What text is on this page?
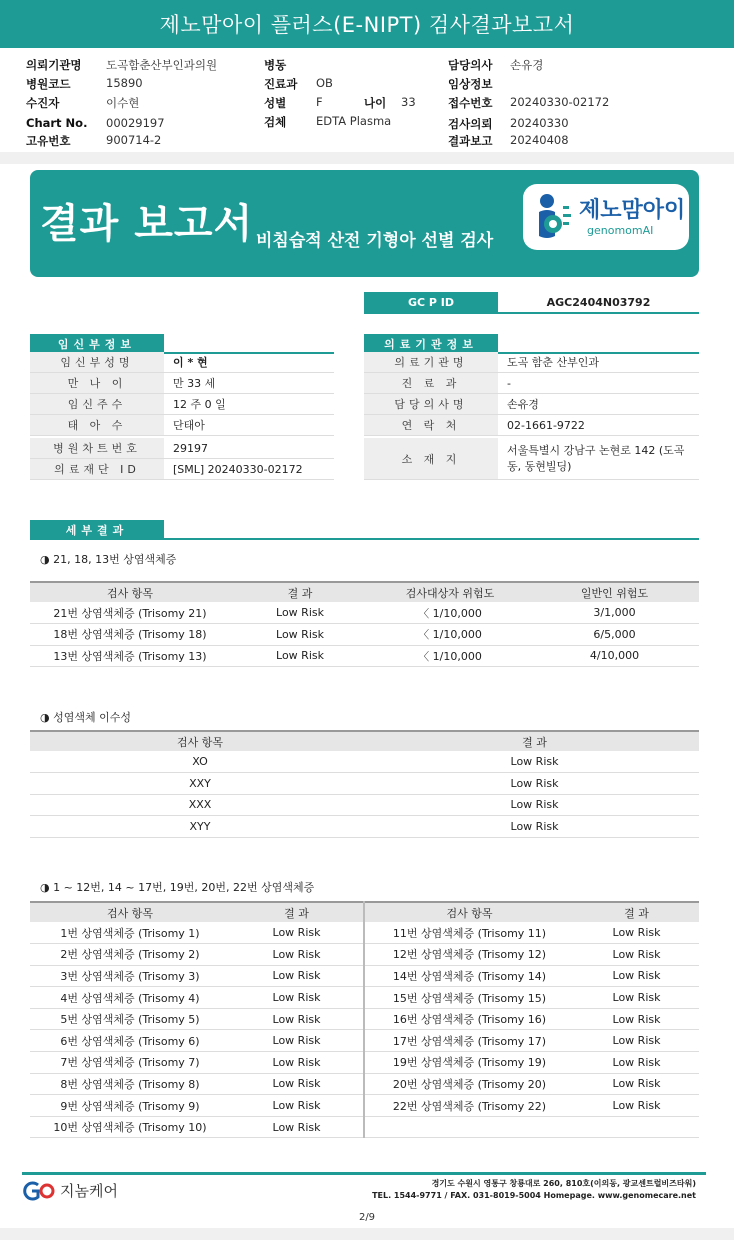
제노맘아이 플러스(E-NIPT) 검사결과보고서
의뢰기관명 도곡함춘산부인과의원
병원코드	15890
수진자	이수현
Chart No. 00029197
고유번호	900714-2
병동
진료과 OB
성별	F	나이 33
검체	EDTA Plasma
담당의사 손유경
임상정보
접수번호 20240330-02172
검사의뢰 20240330
결과보고 20240408
결과 보고서 비침습적 산전 기형아 선별 검사
제노맘아이
genomomAI
GC P ID	AGC2404N03792
임신부정보
임신부성명	이 * 현
만 나 이	만 33 세
임신주수	12 주 0 일
태 아 수	단태아
병원차트번호	29197
의료재단 ID	[SML] 20240330-02172
의료기관정보
의료기관명	도곡 함춘 산부인과
진 료 과	-
담당의사명	손유경
연 락 처	02-1661-9722
소 재 지
서울특별시 강남구 논현로 142 (도곡동, 동현빌딩)
세부결과
◑ 21, 18, 13번 상염색체증
검사 항목	결 과	검사대상자 위험도	일반인 위험도
21번 상염색체증 (Trisomy 21)	Low Risk	〈 1/10,000	3/1,000
18번 상염색체증 (Trisomy 18)	Low Risk	〈 1/10,000	6/5,000
13번 상염색체증 (Trisomy 13)	Low Risk	〈 1/10,000	4/10,000
◑ 성염색체 이수성
검사 항목	결 과
XO	Low Risk
XXY	Low Risk
XXX	Low Risk
XYY	Low Risk
◑ 1 ~ 12번, 14 ~ 17번, 19번, 20번, 22번 상염색체증
검사 항목	결 과	검사 항목	결 과
1번 상염색체증 (Trisomy 1)	Low Risk	11번 상염색체증 (Trisomy 11)	Low Risk
2번 상염색체증 (Trisomy 2)	Low Risk	12번 상염색체증 (Trisomy 12)	Low Risk
3번 상염색체증 (Trisomy 3)	Low Risk	14번 상염색체증 (Trisomy 14)	Low Risk
4번 상염색체증 (Trisomy 4)	Low Risk	15번 상염색체증 (Trisomy 15)	Low Risk
5번 상염색체증 (Trisomy 5)	Low Risk	16번 상염색체증 (Trisomy 16)	Low Risk
6번 상염색체증 (Trisomy 6)	Low Risk	17번 상염색체증 (Trisomy 17)	Low Risk
7번 상염색체증 (Trisomy 7)	Low Risk	19번 상염색체증 (Trisomy 19)	Low Risk
8번 상염색체증 (Trisomy 8)	Low Risk	20번 상염색체증 (Trisomy 20)	Low Risk
9번 상염색체증 (Trisomy 9)	Low Risk	22번 상염색체증 (Trisomy 22)	Low Risk
10번 상염색체증 (Trisomy 10)	Low Risk		
지놈케어	경기도 수원시 영통구 창룡대로 260, 810호(이의동, 광교센트럴비즈타워)
TEL. 1544-9771 / FAX. 031-8019-5004 Homepage. www.genomecare.net
2/9
